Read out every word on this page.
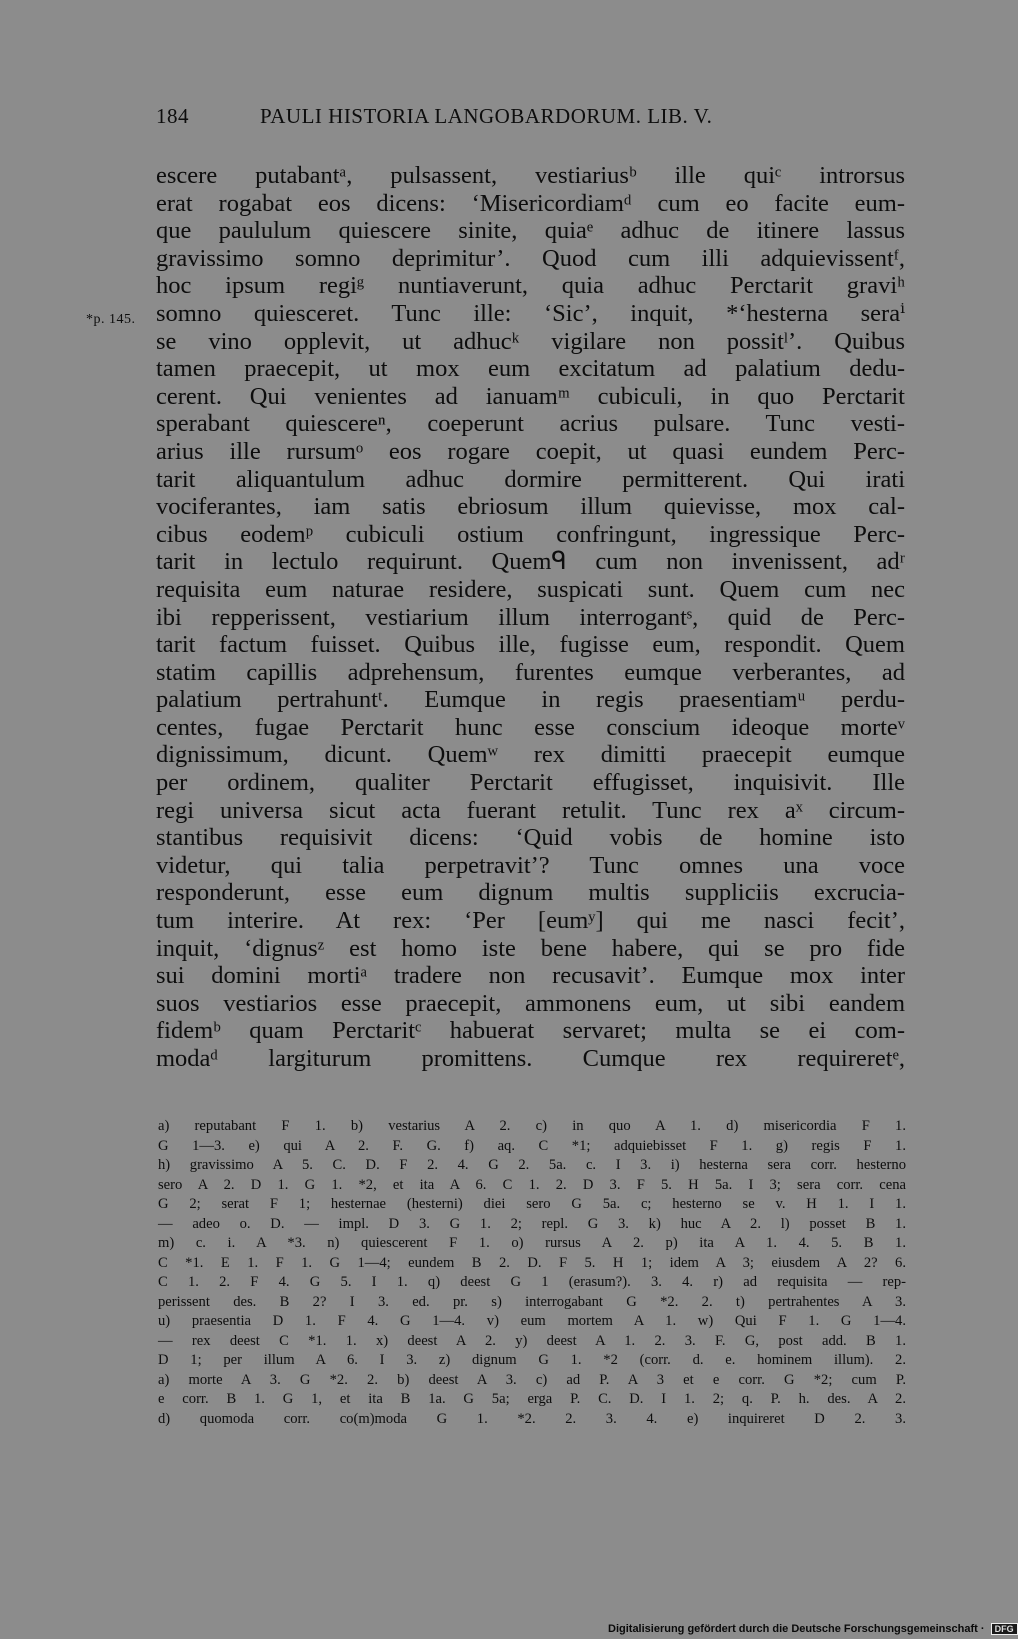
184	PAULI HISTORIA LANGOBARDORUM. LIB. V.
*p. 145.
escere putabantᵃ, pulsassent, vestiariusᵇ ille quiᶜ introrsus
erat rogabat eos dicens: ‘Misericordiamᵈ cum eo facite eum-
que paululum quiescere sinite, quiaᵉ adhuc de itinere lassus
gravissimo somno deprimitur’. Quod cum illi adquievissentᶠ,
hoc ipsum regiᵍ nuntiaverunt, quia adhuc Perctarit graviʰ
somno quiesceret. Tunc ille: ‘Sic’, inquit, *‘hesterna seraⁱ
se vino opplevit, ut adhucᵏ vigilare non possitˡ’. Quibus
tamen praecepit, ut mox eum excitatum ad palatium dedu-
cerent. Qui venientes ad ianuamᵐ cubiculi, in quo Perctarit
sperabant quiescereⁿ, coeperunt acrius pulsare. Tunc vesti-
arius ille rursumᵒ eos rogare coepit, ut quasi eundem Perc-
tarit aliquantulum adhuc dormire permitterent. Qui irati
vociferantes, iam satis ebriosum illum quievisse, mox cal-
cibus eodemᵖ cubiculi ostium confringunt, ingressique Perc-
tarit in lectulo requirunt. Quemᑫ cum non invenissent, adʳ
requisita eum naturae residere, suspicati sunt. Quem cum nec
ibi repperissent, vestiarium illum interrogantˢ, quid de Perc-
tarit factum fuisset. Quibus ille, fugisse eum, respondit. Quem
statim capillis adprehensum, furentes eumque verberantes, ad
palatium pertrahuntᵗ. Eumque in regis praesentiamᵘ perdu-
centes, fugae Perctarit hunc esse conscium ideoque morteᵛ
dignissimum, dicunt. Quemʷ rex dimitti praecepit eumque
per ordinem, qualiter Perctarit effugisset, inquisivit. Ille
regi universa sicut acta fuerant retulit. Tunc rex aˣ circum-
stantibus requisivit dicens: ‘Quid vobis de homine isto
videtur, qui talia perpetravit’? Tunc omnes una voce
responderunt, esse eum dignum multis suppliciis excrucia-
tum interire. At rex: ‘Per [eumʸ] qui me nasci fecit’,
inquit, ‘dignusᶻ est homo iste bene habere, qui se pro fide
sui domini mortiᵃ tradere non recusavit’. Eumque mox inter
suos vestiarios esse praecepit, ammonens eum, ut sibi eandem
fidemᵇ quam Perctaritᶜ habuerat servaret; multa se ei com-
modaᵈ largiturum promittens. Cumque rex requireretᵉ,
a) reputabant F 1. b) vestarius A 2. c) in quo A 1. d) misericordia F 1.
G 1—3. e) qui A 2. F. G. f) aq. C *1; adquiebisset F 1. g) regis F 1.
h) gravissimo A 5. C. D. F 2. 4. G 2. 5a. c. I 3. i) hesterna sera corr. hesterno
sero A 2. D 1. G 1. *2, et ita A 6. C 1. 2. D 3. F 5. H 5a. I 3; sera corr. cena
G 2; serat F 1; hesternae (hesterni) diei sero G 5a. c; hesterno se v. H 1. I 1.
— adeo o. D. — impl. D 3. G 1. 2; repl. G 3. k) huc A 2. l) posset B 1.
m) c. i. A *3. n) quiescerent F 1. o) rursus A 2. p) ita A 1. 4. 5. B 1.
C *1. E 1. F 1. G 1—4; eundem B 2. D. F 5. H 1; idem A 3; eiusdem A 2? 6.
C 1. 2. F 4. G 5. I 1. q) deest G 1 (erasum?). 3. 4. r) ad requisita — rep-
perissent des. B 2? I 3. ed. pr. s) interrogabant G *2. 2. t) pertrahentes A 3.
u) praesentia D 1. F 4. G 1—4. v) eum mortem A 1. w) Qui F 1. G 1—4.
— rex deest C *1. 1. x) deest A 2. y) deest A 1. 2. 3. F. G, post add. B 1.
D 1; per illum A 6. I 3. z) dignum G 1. *2 (corr. d. e. hominem illum). 2.
a) morte A 3. G *2. 2. b) deest A 3. c) ad P. A 3 et e corr. G *2; cum P.
e corr. B 1. G 1, et ita B 1a. G 5a; erga P. C. D. I 1. 2; q. P. h. des. A 2.
d) quomoda corr. co(m)moda G 1. *2. 2. 3. 4. e) inquireret D 2. 3.
Digitalisierung gefördert durch die Deutsche Forschungsgemeinschaft · DFG
